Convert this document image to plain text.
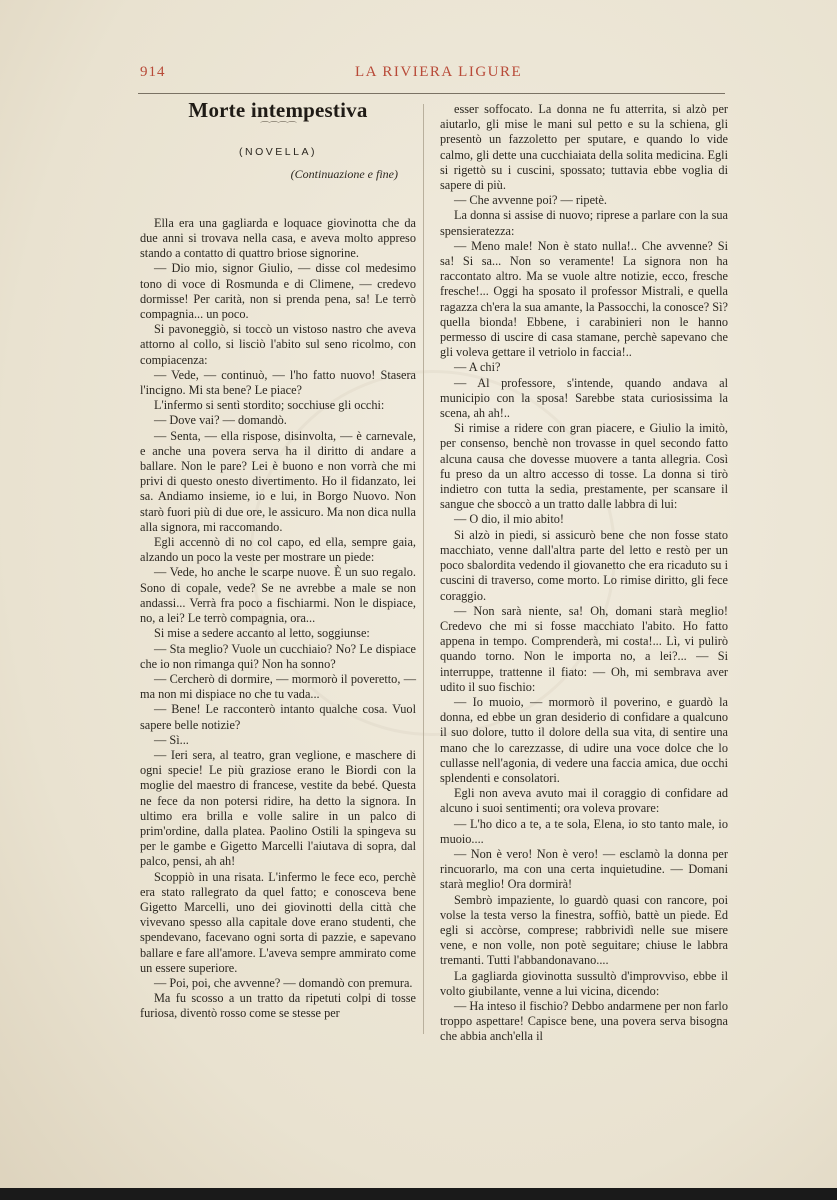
914	LA RIVIERA LIGURE
Morte intempestiva
⌒⌒⌒⌒
(NOVELLA)
(Continuazione e fine)

Ella era una gagliarda e loquace giovinotta che da due anni si trovava nella casa, e aveva molto appreso stando a contatto di quattro briose signorine.

— Dio mio, signor Giulio, — disse col medesimo tono di voce di Rosmunda e di Climene, — credevo dormisse! Per carità, non si prenda pena, sa! Le terrò compagnia... un poco.

Si pavoneggiò, si toccò un vistoso nastro che aveva attorno al collo, si lisciò l'abito sul seno ricolmo, con compiacenza:

— Vede, — continuò, — l'ho fatto nuovo! Stasera l'incigno. Mi sta bene? Le piace?

L'infermo si sentì stordito; socchiuse gli occhi:

— Dove vai? — domandò.

— Senta, — ella rispose, disinvolta, — è carnevale, e anche una povera serva ha il diritto di andare a ballare. Non le pare? Lei è buono e non vorrà che mi privi di questo onesto divertimento. Ho il fidanzato, lei sa. Andiamo insieme, io e lui, in Borgo Nuovo. Non starò fuori più di due ore, le assicuro. Ma non dica nulla alla signora, mi raccomando.

Egli accennò di no col capo, ed ella, sempre gaia, alzando un poco la veste per mostrare un piede:

— Vede, ho anche le scarpe nuove. È un suo regalo. Sono di copale, vede? Se ne avrebbe a male se non andassi... Verrà fra poco a fischiarmi. Non le dispiace, no, a lei? Le terrò compagnia, ora...

Si mise a sedere accanto al letto, soggiunse:

— Sta meglio? Vuole un cucchiaio? No? Le dispiace che io non rimanga qui? Non ha sonno?

— Cercherò di dormire, — mormorò il poveretto, — ma non mi dispiace no che tu vada...

— Bene! Le racconterò intanto qualche cosa. Vuol sapere belle notizie?

— Sì...

— Ieri sera, al teatro, gran veglione, e maschere di ogni specie! Le più graziose erano le Biordi con la moglie del maestro di francese, vestite da bebé. Questa ne fece da non potersi ridire, ha detto la signora. In ultimo era brilla e volle salire in un palco di prim'ordine, dalla platea. Paolino Ostili la spingeva su per le gambe e Gigetto Marcelli l'aiutava di sopra, dal palco, pensi, ah ah!

Scoppiò in una risata. L'infermo le fece eco, perchè era stato rallegrato da quel fatto; e conosceva bene Gigetto Marcelli, uno dei giovinotti della città che vivevano spesso alla capitale dove erano studenti, che spendevano, facevano ogni sorta di pazzie, e sapevano ballare e fare all'amore. L'aveva sempre ammirato come un essere superiore.

— Poi, poi, che avvenne? — domandò con premura.

Ma fu scosso a un tratto da ripetuti colpi di tosse furiosa, diventò rosso come se stesse per

esser soffocato. La donna ne fu atterrita, si alzò per aiutarlo, gli mise le mani sul petto e su la schiena, gli presentò un fazzoletto per sputare, e quando lo vide calmo, gli dette una cucchiaiata della solita medicina. Egli si rigettò su i cuscini, spossato; tuttavia ebbe voglia di sapere di più.

— Che avvenne poi? — ripetè.

La donna si assise di nuovo; riprese a parlare con la sua spensieratezza:

— Meno male! Non è stato nulla!.. Che avvenne? Si sa! Si sa... Non so veramente! La signora non ha raccontato altro. Ma se vuole altre notizie, ecco, fresche fresche!... Oggi ha sposato il professor Mistrali, e quella ragazza ch'era la sua amante, la Passocchi, la conosce? Sì? quella bionda! Ebbene, i carabinieri non le hanno permesso di uscire di casa stamane, perchè sapevano che gli voleva gettare il vetriolo in faccia!..

— A chi?

— Al professore, s'intende, quando andava al municipio con la sposa! Sarebbe stata curiosissima la scena, ah ah!..

Si rimise a ridere con gran piacere, e Giulio la imitò, per consenso, benchè non trovasse in quel secondo fatto alcuna causa che dovesse muovere a tanta allegria. Così fu preso da un altro accesso di tosse. La donna si tirò indietro con tutta la sedia, prestamente, per scansare il sangue che sboccò a un tratto dalle labbra di lui:

— O dio, il mio abito!

Si alzò in piedi, si assicurò bene che non fosse stato macchiato, venne dall'altra parte del letto e restò per un poco sbalordita vedendo il giovanetto che era ricaduto su i cuscini di traverso, come morto. Lo rimise diritto, gli fece coraggio.

— Non sarà niente, sa! Oh, domani starà meglio! Credevo che mi si fosse macchiato l'abito. Ho fatto appena in tempo. Comprenderà, mi costa!... Lì, vi pulirò quando torno. Non le importa no, a lei?... — Si interruppe, trattenne il fiato: — Oh, mi sembrava aver udito il suo fischio:

— Io muoio, — mormorò il poverino, e guardò la donna, ed ebbe un gran desiderio di confidare a qualcuno il suo dolore, tutto il dolore della sua vita, di sentire una mano che lo carezzasse, di udire una voce dolce che lo cullasse nell'agonia, di vedere una faccia amica, due occhi splendenti e consolatori.

Egli non aveva avuto mai il coraggio di confidare ad alcuno i suoi sentimenti; ora voleva provare:

— L'ho dico a te, a te sola, Elena, io sto tanto male, io muoio....

— Non è vero! Non è vero! — esclamò la donna per rincuorarlo, ma con una certa inquietudine. — Domani starà meglio! Ora dormirà!

Sembrò impaziente, lo guardò quasi con rancore, poi volse la testa verso la finestra, soffiò, battè un piede. Ed egli si accòrse, comprese; rabbrividì nelle sue misere vene, e non volle, non potè seguitare; chiuse le labbra tremanti. Tutti l'abbandonavano....

La gagliarda giovinotta sussultò d'improvviso, ebbe il volto giubilante, venne a lui vicina, dicendo:

— Ha inteso il fischio? Debbo andarmene per non farlo troppo aspettare! Capisce bene, una povera serva bisogna che abbia anch'ella il
